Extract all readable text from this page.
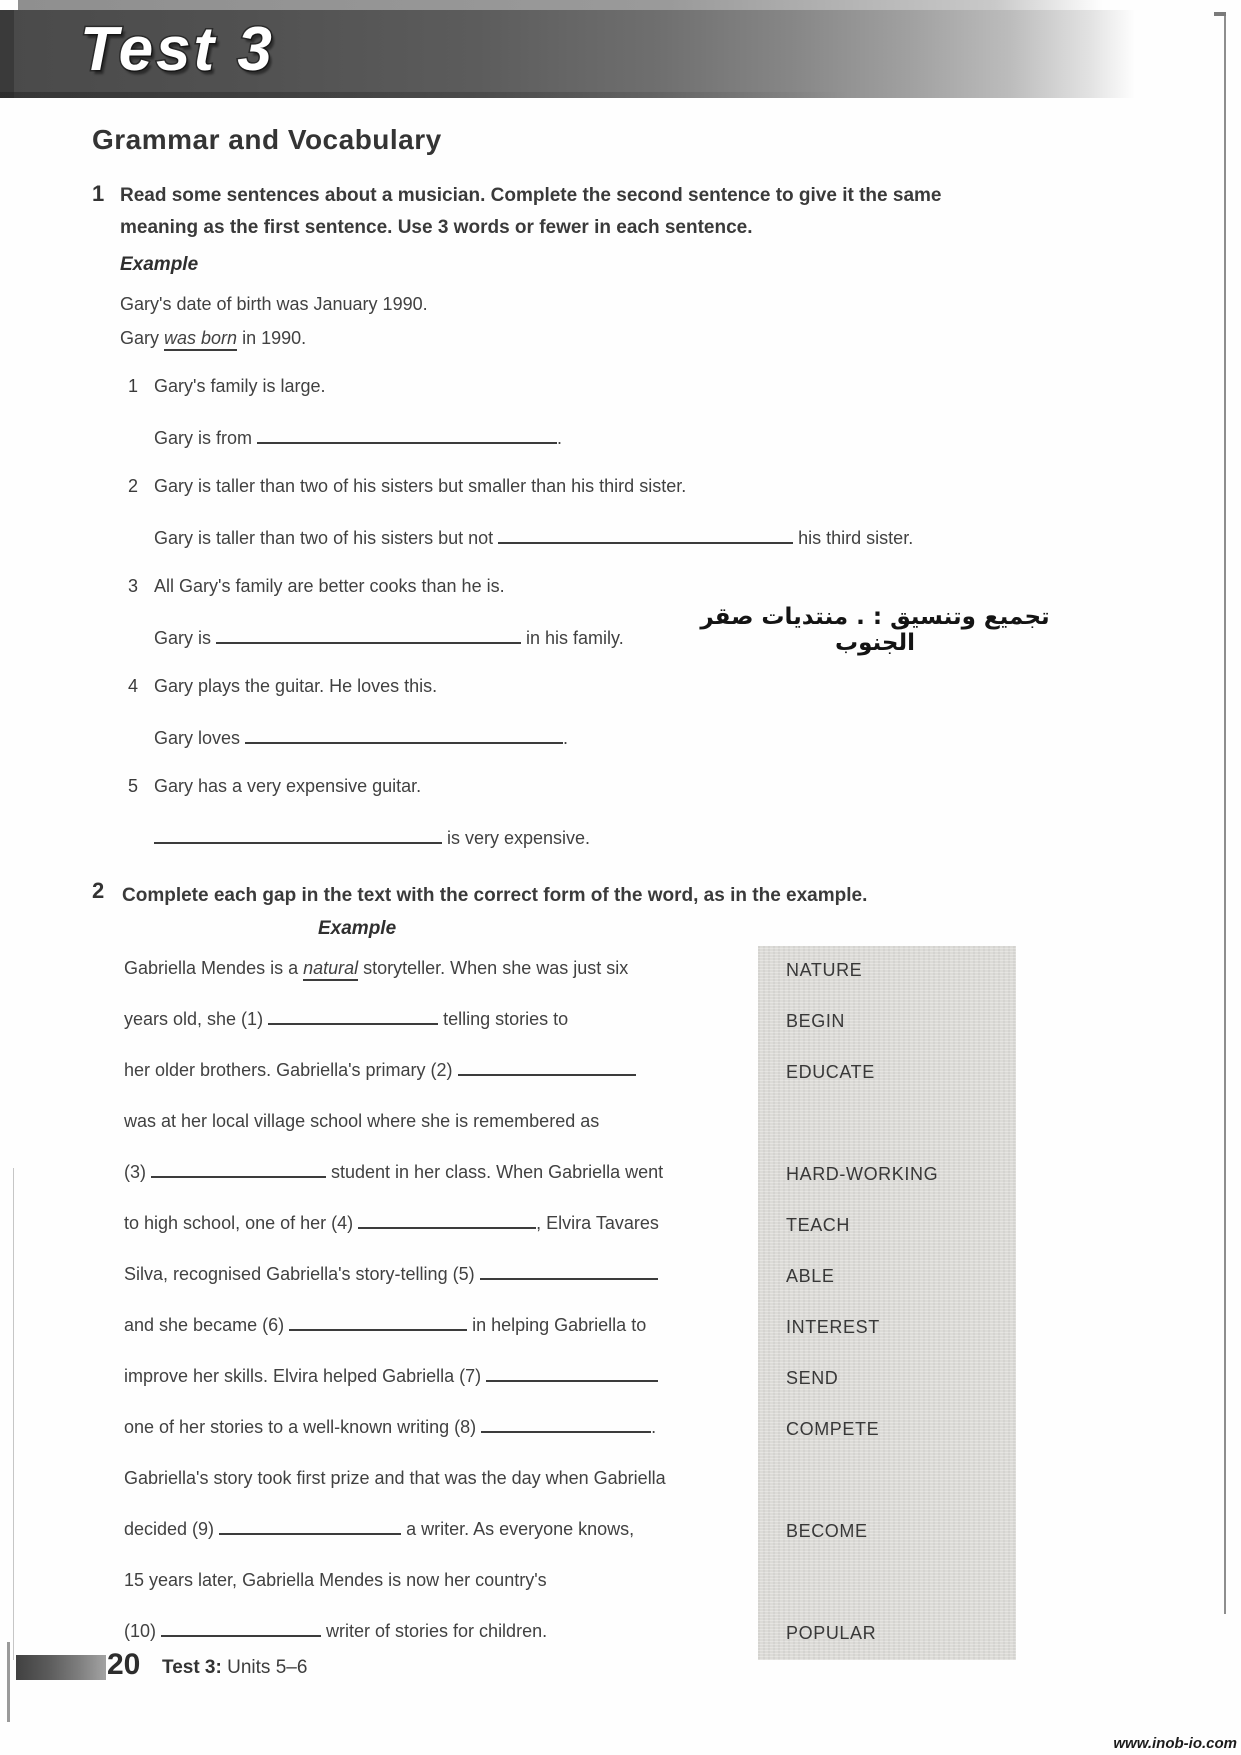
Test 3
Grammar and Vocabulary
1 Read some sentences about a musician. Complete the second sentence to give it the same
meaning as the first sentence. Use 3 words or fewer in each sentence.
Example
Gary's date of birth was January 1990.
Gary was born in 1990.
1 Gary's family is large.
Gary is from	.
2 Gary is taller than two of his sisters but smaller than his third sister.
Gary is taller than two of his sisters but not	his third sister.
3 All Gary's family are better cooks than he is.
Gary is	in his family.
4 Gary plays the guitar. He loves this.
Gary loves	.
5 Gary has a very expensive guitar.
is very expensive.
تجميع وتنسيق : . منتديات صقر الجنوب
2 Complete each gap in the text with the correct form of the word, as in the example.
Example
Gabriella Mendes is a natural storyteller. When she was just six
years old, she (1)	telling stories to
her older brothers. Gabriella's primary (2)
was at her local village school where she is remembered as
(3)	student in her class. When Gabriella went
to high school, one of her (4)	, Elvira Tavares
Silva, recognised Gabriella's story-telling (5)
and she became (6)	in helping Gabriella to
improve her skills. Elvira helped Gabriella (7)
one of her stories to a well-known writing (8)	.
Gabriella's story took first prize and that was the day when Gabriella
decided (9)	a writer. As everyone knows,
15 years later, Gabriella Mendes is now her country's
(10)	writer of stories for children.
NATURE
BEGIN
EDUCATE
HARD-WORKING
TEACH
ABLE
INTEREST
SEND
COMPETE
BECOME
POPULAR
20 Test 3: Units 5–6
www.inob-io.com
